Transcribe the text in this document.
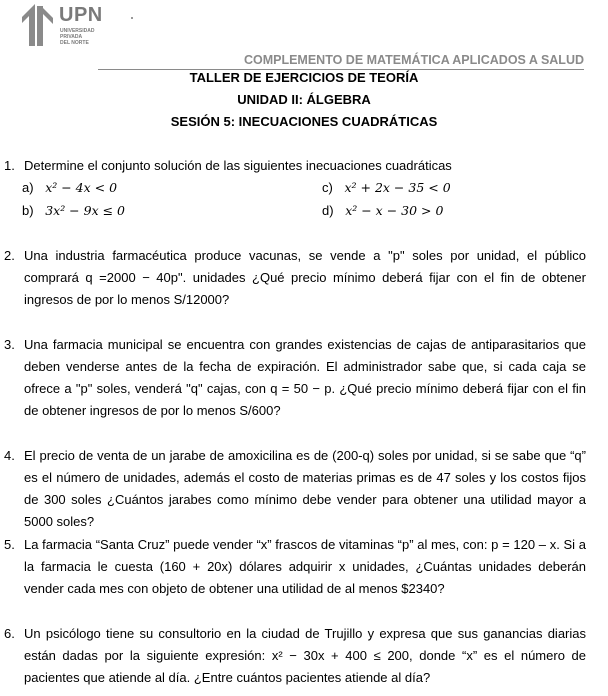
UPN
UNIVERSIDAD
PRIVADA
DEL NORTE
COMPLEMENTO DE MATEMÁTICA APLICADOS A SALUD
TALLER DE EJERCICIOS DE TEORÍA
UNIDAD II: ÁLGEBRA
SESIÓN 5: INECUACIONES CUADRÁTICAS
1. Determine el conjunto solución de las siguientes inecuaciones cuadráticas
a) x² − 4x < 0
b) 3x² − 9x ≤ 0
c) x² + 2x − 35 < 0
d) x² − x − 30 > 0
2. Una industria farmacéutica produce vacunas, se vende a "p" soles por unidad, el público comprará q =2000 − 40p". unidades ¿Qué precio mínimo deberá fijar con el fin de obtener ingresos de por lo menos S/12000?
3. Una farmacia municipal se encuentra con grandes existencias de cajas de antiparasitarios que deben venderse antes de la fecha de expiración. El administrador sabe que, si cada caja se ofrece a "p" soles, venderá "q" cajas, con q = 50 − p. ¿Qué precio mínimo deberá fijar con el fin de obtener ingresos de por lo menos S/600?
4. El precio de venta de un jarabe de amoxicilina es de (200-q) soles por unidad, si se sabe que “q” es el número de unidades, además el costo de materias primas es de 47 soles y los costos fijos de 300 soles ¿Cuántos jarabes como mínimo debe vender para obtener una utilidad mayor a 5000 soles?
5. La farmacia “Santa Cruz” puede vender “x” frascos de vitaminas “p” al mes, con: p = 120 – x. Si a la farmacia le cuesta (160 + 20x) dólares adquirir x unidades, ¿Cuántas unidades deberán vender cada mes con objeto de obtener una utilidad de al menos $2340?
6. Un psicólogo tiene su consultorio en la ciudad de Trujillo y expresa que sus ganancias diarias están dadas por la siguiente expresión: x² − 30x + 400 ≤ 200, donde “x” es el número de pacientes que atiende al día. ¿Entre cuántos pacientes atiende al día?
